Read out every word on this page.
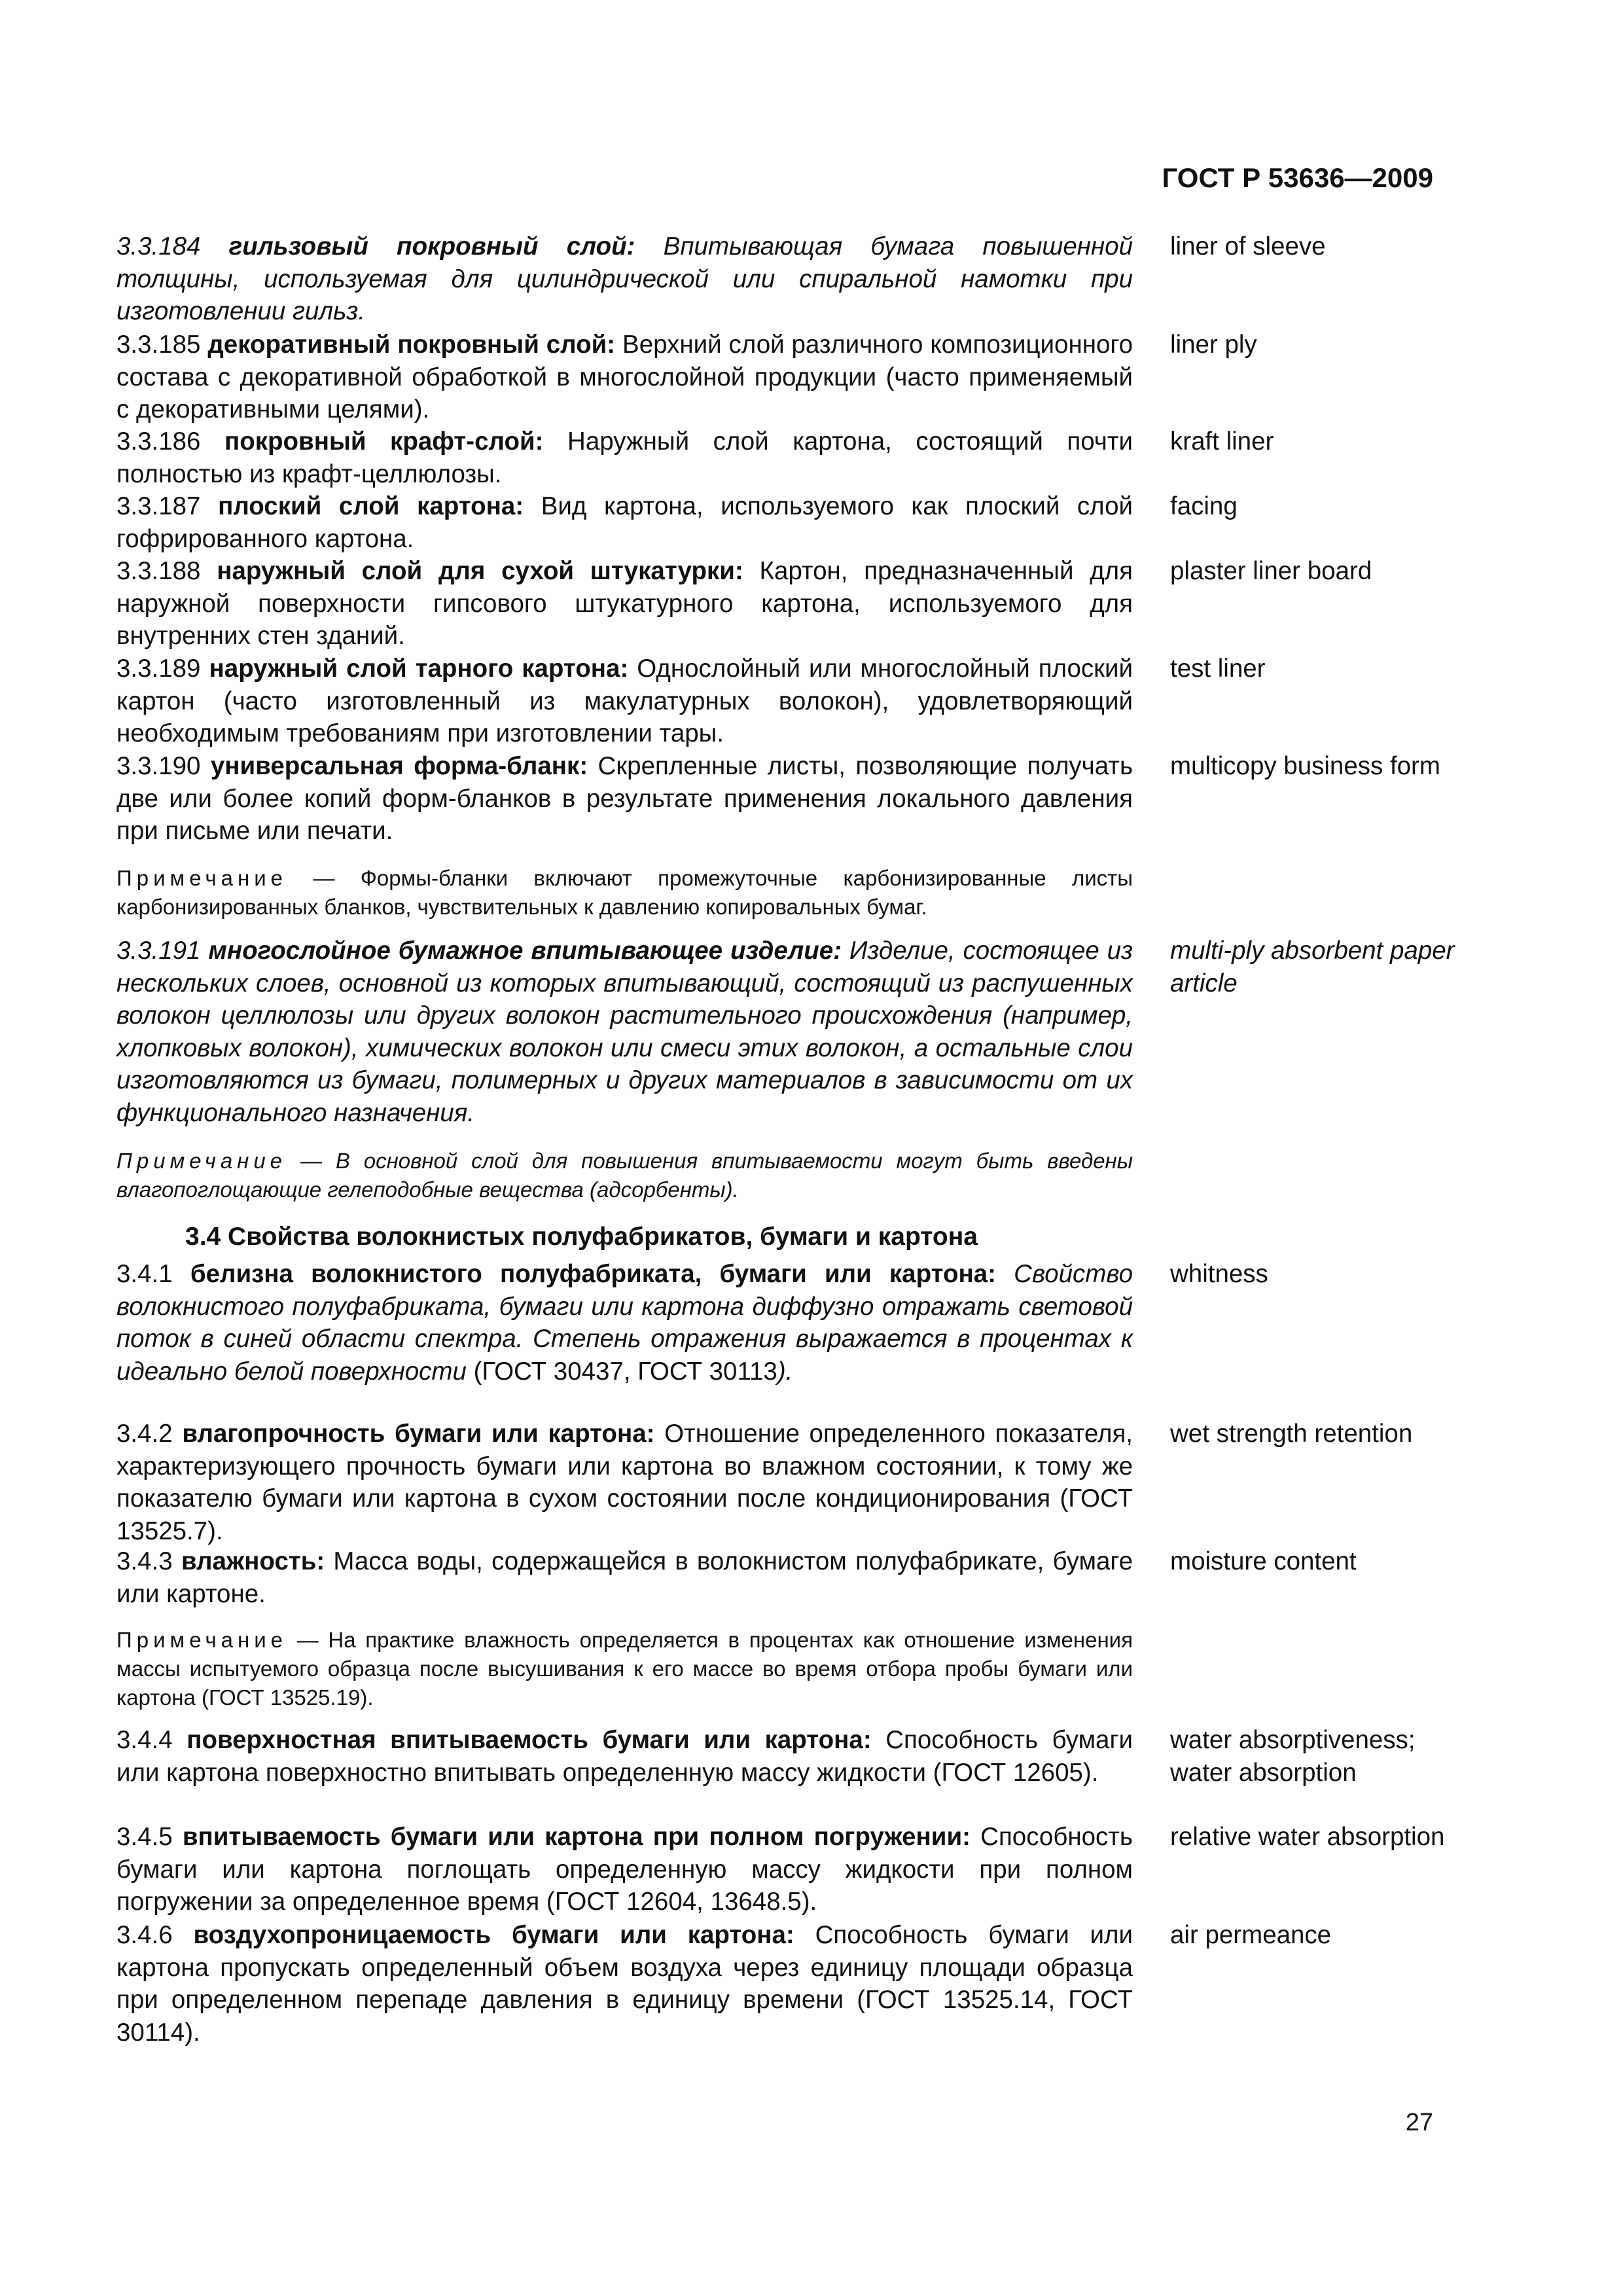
ГОСТ Р 53636—2009
3.3.184 гильзовый покровный слой: Впитывающая бумага повышенной толщины, используемая для цилиндрической или спиральной намотки при изготовлении гильз.
liner of sleeve
3.3.185 декоративный покровный слой: Верхний слой различного композиционного состава с декоративной обработкой в многослойной продукции (часто применяемый с декоративными целями).
liner ply
3.3.186 покровный крафт-слой: Наружный слой картона, состоящий почти полностью из крафт-целлюлозы.
kraft liner
3.3.187 плоский слой картона: Вид картона, используемого как плоский слой гофрированного картона.
facing
3.3.188 наружный слой для сухой штукатурки: Картон, предназначенный для наружной поверхности гипсового штукатурного картона, используемого для внутренних стен зданий.
plaster liner board
3.3.189 наружный слой тарного картона: Однослойный или многослойный плоский картон (часто изготовленный из макулатурных волокон), удовлетворяющий необходимым требованиям при изготовлении тары.
test liner
3.3.190 универсальная форма-бланк: Скрепленные листы, позволяющие получать две или более копий форм-бланков в результате применения локального давления при письме или печати.
multicopy business form
Примечание — Формы-бланки включают промежуточные карбонизированные листы карбонизированных бланков, чувствительных к давлению копировальных бумаг.
3.3.191 многослойное бумажное впитывающее изделие: Изделие, состоящее из нескольких слоев, основной из которых впитывающий, состоящий из распушенных волокон целлюлозы или других волокон растительного происхождения (например, хлопковых волокон), химических волокон или смеси этих волокон, а остальные слои изготовляются из бумаги, полимерных и других материалов в зависимости от их функционального назначения.
multi-ply absorbent paper article
Примечание — В основной слой для повышения впитываемости могут быть введены влагопоглощающие гелеподобные вещества (адсорбенты).
3.4 Свойства волокнистых полуфабрикатов, бумаги и картона
3.4.1 белизна волокнистого полуфабриката, бумаги или картона: Свойство волокнистого полуфабриката, бумаги или картона диффузно отражать световой поток в синей области спектра. Степень отражения выражается в процентах к идеально белой поверхности (ГОСТ 30437, ГОСТ 30113).
whitness
3.4.2 влагопрочность бумаги или картона: Отношение определенного показателя, характеризующего прочность бумаги или картона во влажном состоянии, к тому же показателю бумаги или картона в сухом состоянии после кондиционирования (ГОСТ 13525.7).
wet strength retention
3.4.3 влажность: Масса воды, содержащейся в волокнистом полуфабрикате, бумаге или картоне.
moisture content
Примечание — На практике влажность определяется в процентах как отношение изменения массы испытуемого образца после высушивания к его массе во время отбора пробы бумаги или картона (ГОСТ 13525.19).
3.4.4 поверхностная впитываемость бумаги или картона: Способность бумаги или картона поверхностно впитывать определенную массу жидкости (ГОСТ 12605).
water absorptiveness; water absorption
3.4.5 впитываемость бумаги или картона при полном погружении: Способность бумаги или картона поглощать определенную массу жидкости при полном погружении за определенное время (ГОСТ 12604, 13648.5).
relative water absorption
3.4.6 воздухопроницаемость бумаги или картона: Способность бумаги или картона пропускать определенный объем воздуха через единицу площади образца при определенном перепаде давления в единицу времени (ГОСТ 13525.14, ГОСТ 30114).
air permeance
27
